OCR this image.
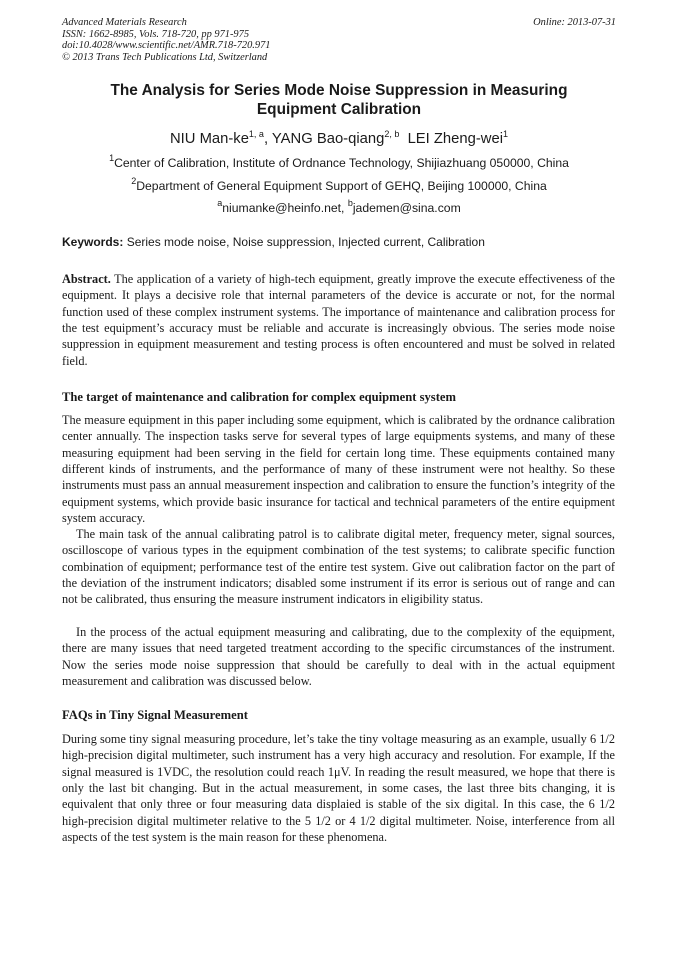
Advanced Materials Research
ISSN: 1662-8985, Vols. 718-720, pp 971-975
doi:10.4028/www.scientific.net/AMR.718-720.971
© 2013 Trans Tech Publications Ltd, Switzerland
Online: 2013-07-31
The Analysis for Series Mode Noise Suppression in Measuring
Equipment Calibration
NIU Man-ke$^{1, a}$, YANG Bao-qiang$^{2, b}$ LEI Zheng-wei$^1$
$^1$Center of Calibration, Institute of Ordnance Technology, Shijiazhuang 050000, China
$^2$Department of General Equipment Support of GEHQ, Beijing 100000, China
$^a$niumanke@heinfo.net, $^b$jademen@sina.com
Keywords: Series mode noise, Noise suppression, Injected current, Calibration
Abstract. The application of a variety of high-tech equipment, greatly improve the execute effectiveness of the equipment. It plays a decisive role that internal parameters of the device is accurate or not, for the normal function used of these complex instrument systems. The importance of maintenance and calibration process for the test equipment’s accuracy must be reliable and accurate is increasingly obvious. The series mode noise suppression in equipment measurement and testing process is often encountered and must be solved in related field.
The target of maintenance and calibration for complex equipment system
The measure equipment in this paper including some equipment, which is calibrated by the ordnance calibration center annually. The inspection tasks serve for several types of large equipments systems, and many of these measuring equipment had been serving in the field for certain long time. These equipments contained many different kinds of instruments, and the performance of many of these instrument were not healthy. So these instruments must pass an annual measurement inspection and calibration to ensure the function’s integrity of the equipment systems, which provide basic insurance for tactical and technical parameters of the entire equipment system accuracy.
The main task of the annual calibrating patrol is to calibrate digital meter, frequency meter, signal sources, oscilloscope of various types in the equipment combination of the test systems; to calibrate specific function combination of equipment; performance test of the entire test system. Give out calibration factor on the part of the deviation of the instrument indicators; disabled some instrument if its error is serious out of range and can not be calibrated, thus ensuring the measure instrument indicators in eligibility status.
In the process of the actual equipment measuring and calibrating, due to the complexity of the equipment, there are many issues that need targeted treatment according to the specific circumstances of the instrument. Now the series mode noise suppression that should be carefully to deal with in the actual equipment measurement and calibration was discussed below.
FAQs in Tiny Signal Measurement
During some tiny signal measuring procedure, let’s take the tiny voltage measuring as an example, usually 6 1/2 high-precision digital multimeter, such instrument has a very high accuracy and resolution. For example, If the signal measured is 1VDC, the resolution could reach 1μV. In reading the result measured, we hope that there is only the last bit changing. But in the actual measurement, in some cases, the last three bits changing, it is equivalent that only three or four measuring data displaied is stable of the six digital. In this case, the 6 1/2 high-precision digital multimeter relative to the 5 1/2 or 4 1/2 digital multimeter. Noise, interference from all aspects of the test system is the main reason for these phenomena.
